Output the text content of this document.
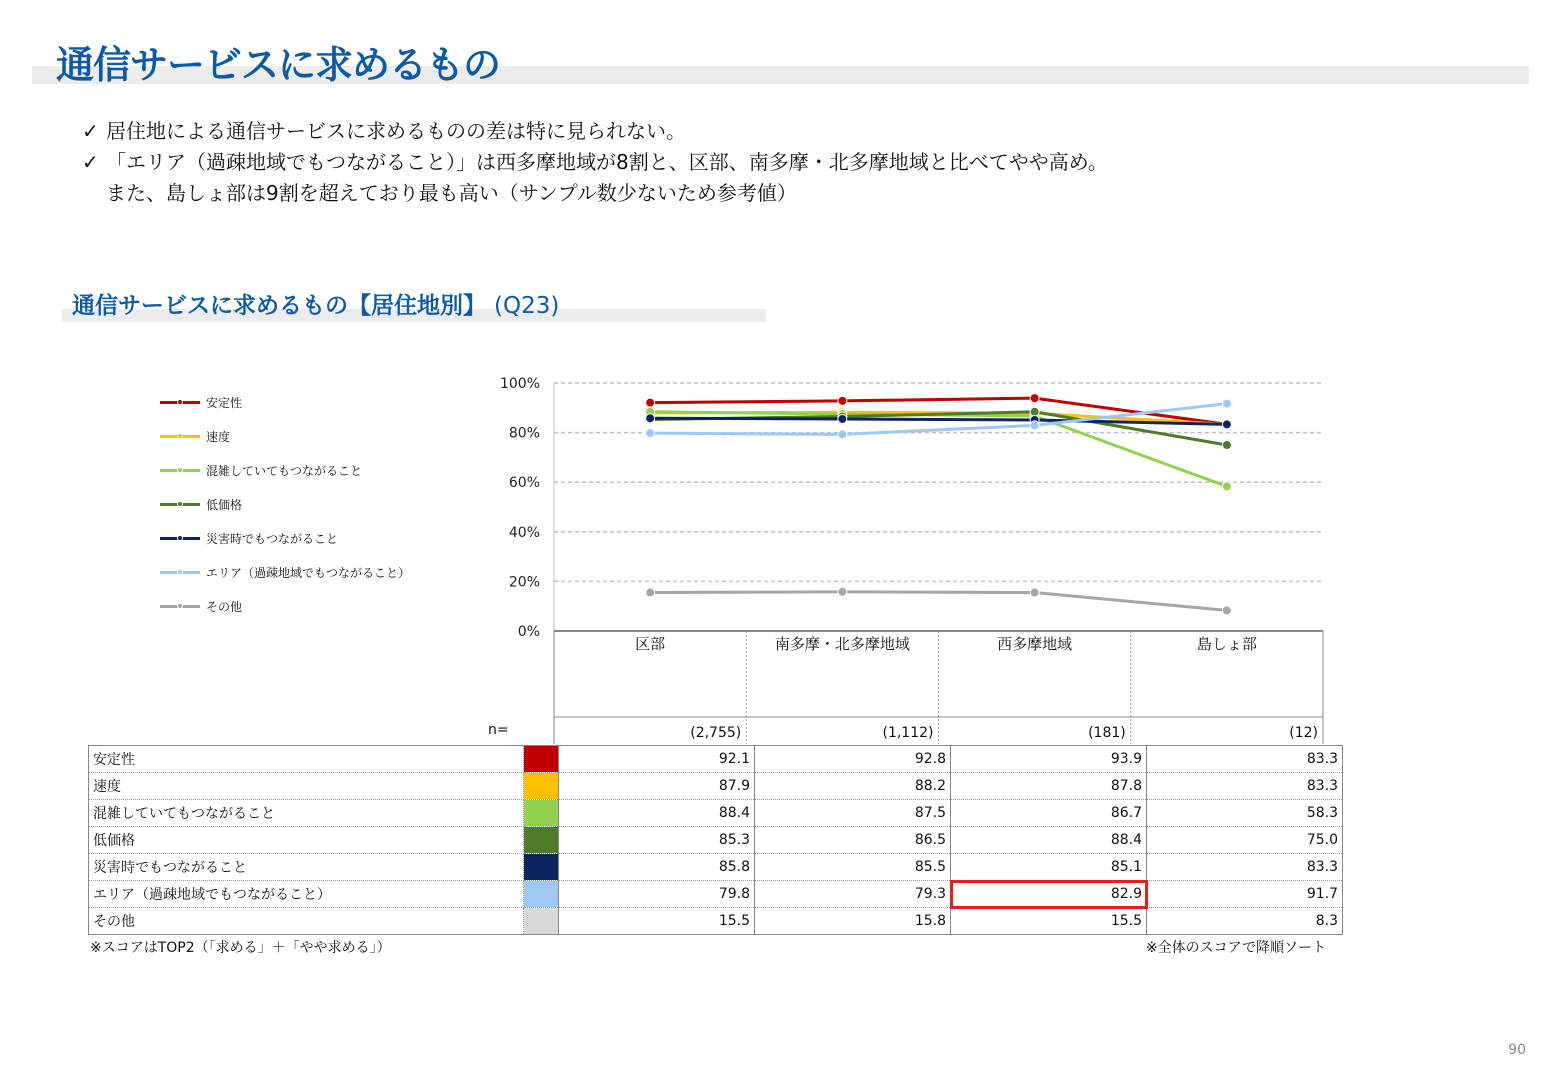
通信サービスに求めるもの
✓ 居住地による通信サービスに求めるものの差は特に見られない。
✓ 「エリア（過疎地域でもつながること）」は西多摩地域が8割と、区部、南多摩・北多摩地域と比べてやや高め。
また、島しょ部は9割を超えており最も高い（サンプル数少ないため参考値）
通信サービスに求めるもの【居住地別】 (Q23)
安定性
速度
混雑していてもつながること
低価格
災害時でもつながること
エリア（過疎地域でもつながること）
その他
0%
20%
40%
60%
80%
100%
区部	南多摩・北多摩地域	西多摩地域	島しょ部
(2,755)	(1,112)	(181)	(12)
n=
安定性		92.1	92.8	93.9	83.3
速度		87.9	88.2	87.8	83.3
混雑していてもつながること		88.4	87.5	86.7	58.3
低価格		85.3	86.5	88.4	75.0
災害時でもつながること		85.8	85.5	85.1	83.3
エリア（過疎地域でもつながること）		79.8	79.3	82.9	91.7
その他		15.5	15.8	15.5	8.3
※スコアはTOP2（「求める」＋「やや求める」）	※全体のスコアで降順ソート
90
